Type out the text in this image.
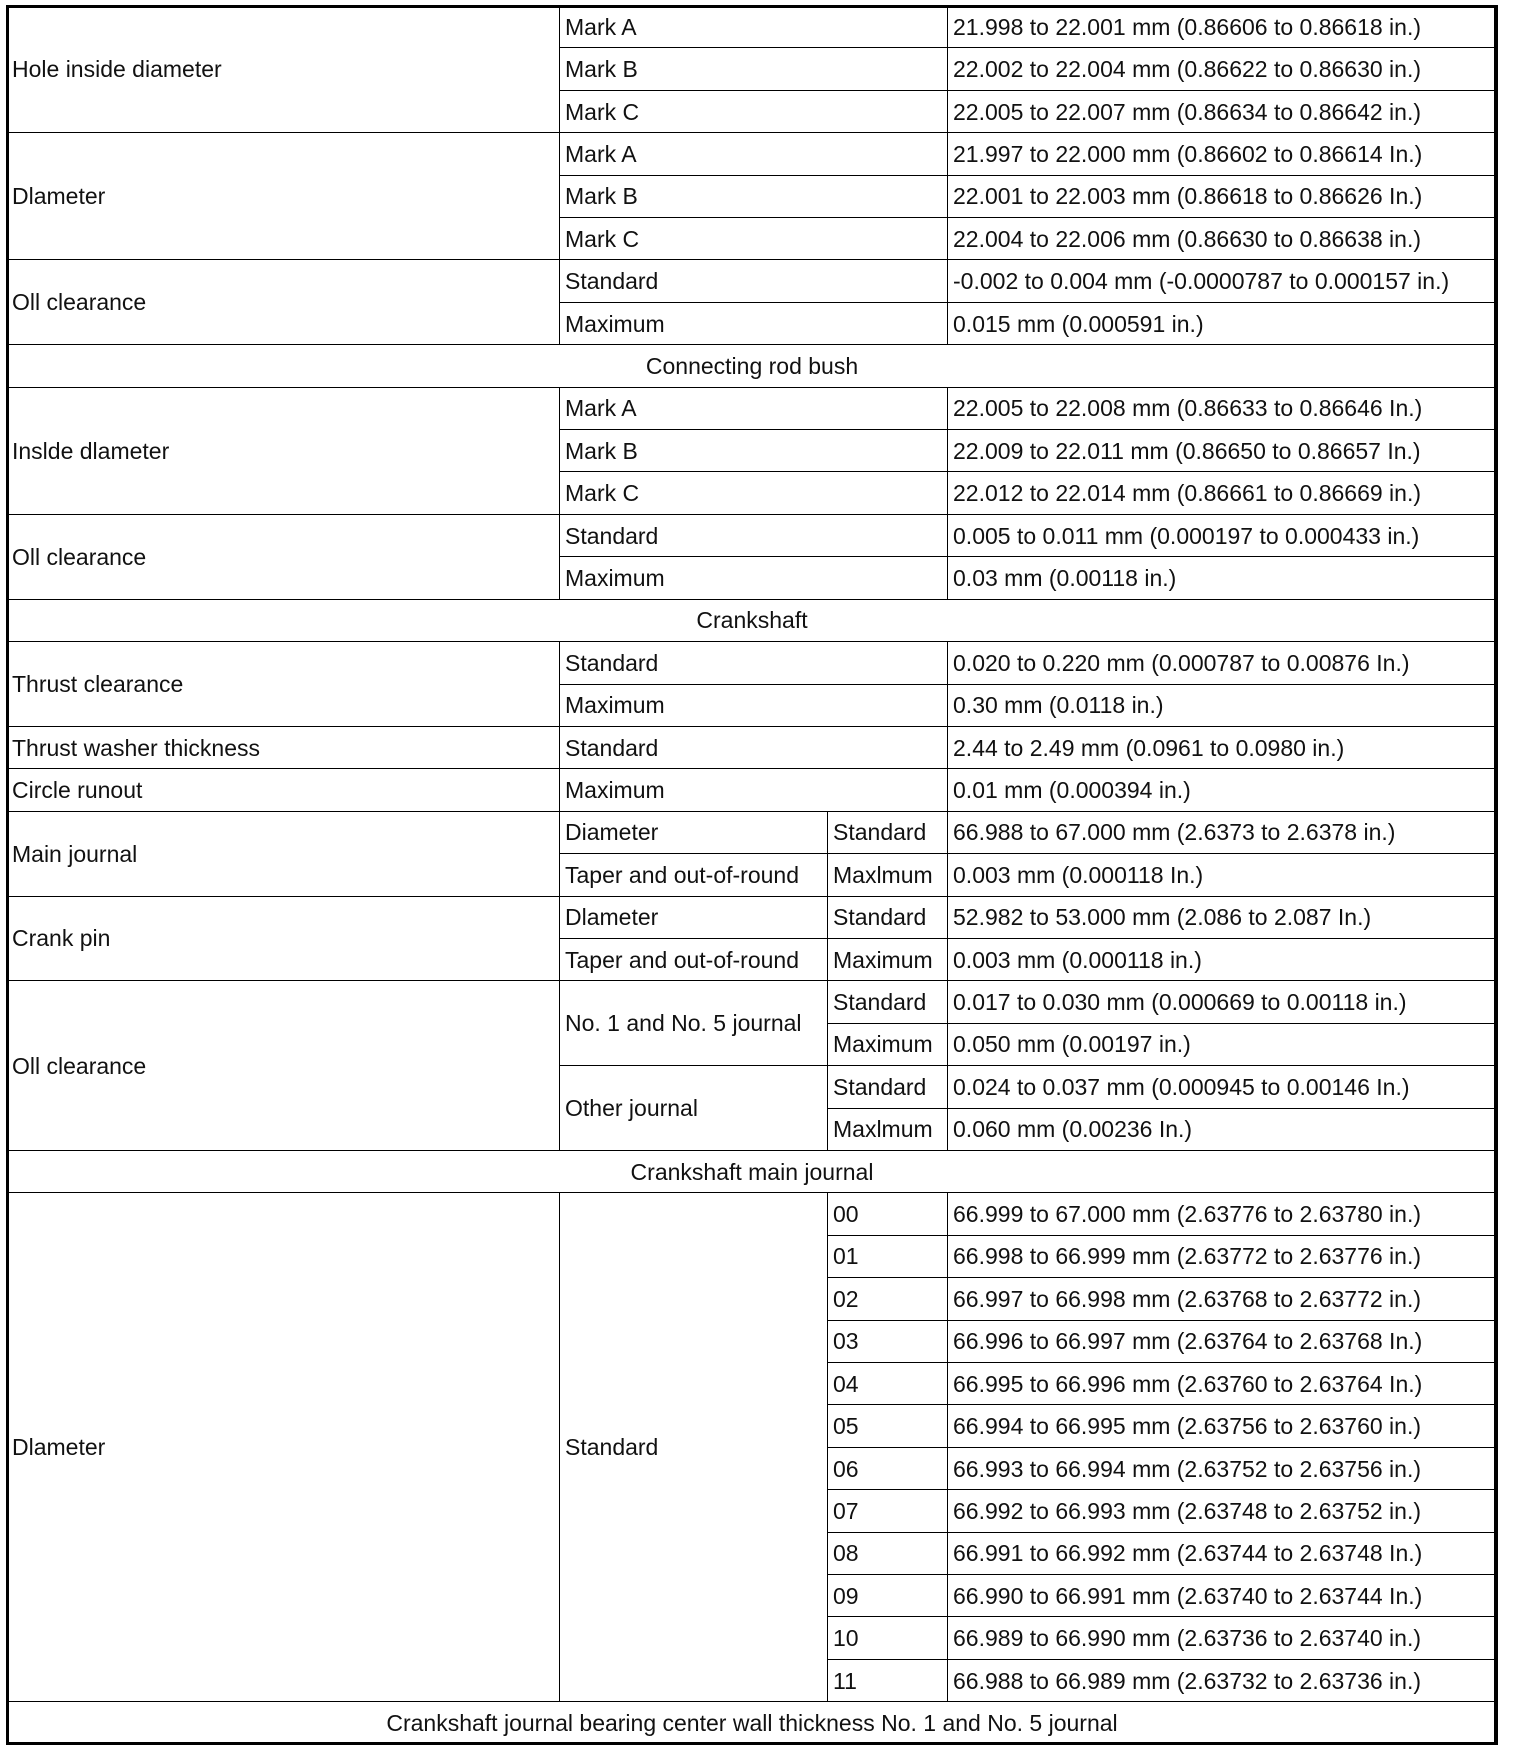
Hole inside diameter	Mark A		21.998 to 22.001 mm (0.86606 to 0.86618 in.)
	Mark B		22.002 to 22.004 mm (0.86622 to 0.86630 in.)
	Mark C		22.005 to 22.007 mm (0.86634 to 0.86642 in.)
Dlameter	Mark A		21.997 to 22.000 mm (0.86602 to 0.86614 In.)
	Mark B		22.001 to 22.003 mm (0.86618 to 0.86626 In.)
	Mark C		22.004 to 22.006 mm (0.86630 to 0.86638 in.)
Oll clearance	Standard		-0.002 to 0.004 mm (-0.0000787 to 0.000157 in.)
	Maximum		0.015 mm (0.000591 in.)
Connecting rod bush			
Inslde dlameter	Mark A		22.005 to 22.008 mm (0.86633 to 0.86646 In.)
	Mark B		22.009 to 22.011 mm (0.86650 to 0.86657 In.)
	Mark C		22.012 to 22.014 mm (0.86661 to 0.86669 in.)
Oll clearance	Standard		0.005 to 0.011 mm (0.000197 to 0.000433 in.)
	Maximum		0.03 mm (0.00118 in.)
Crankshaft			
Thrust clearance	Standard		0.020 to 0.220 mm (0.000787 to 0.00876 In.)
	Maximum		0.30 mm (0.0118 in.)
Thrust washer thickness	Standard		2.44 to 2.49 mm (0.0961 to 0.0980 in.)
Circle runout	Maximum		0.01 mm (0.000394 in.)
Main journal	Diameter	Standard	66.988 to 67.000 mm (2.6373 to 2.6378 in.)
	Taper and out-of-round	Maxlmum	0.003 mm (0.000118 In.)
Crank pin	Dlameter	Standard	52.982 to 53.000 mm (2.086 to 2.087 In.)
	Taper and out-of-round	Maximum	0.003 mm (0.000118 in.)
Oll clearance	No. 1 and No. 5 journal	Standard	0.017 to 0.030 mm (0.000669 to 0.00118 in.)
		Maximum	0.050 mm (0.00197 in.)
	Other journal	Standard	0.024 to 0.037 mm (0.000945 to 0.00146 In.)
		Maxlmum	0.060 mm (0.00236 In.)
Crankshaft main journal			
Dlameter	Standard	00	66.999 to 67.000 mm (2.63776 to 2.63780 in.)
		01	66.998 to 66.999 mm (2.63772 to 2.63776 in.)
		02	66.997 to 66.998 mm (2.63768 to 2.63772 in.)
		03	66.996 to 66.997 mm (2.63764 to 2.63768 In.)
		04	66.995 to 66.996 mm (2.63760 to 2.63764 In.)
		05	66.994 to 66.995 mm (2.63756 to 2.63760 in.)
		06	66.993 to 66.994 mm (2.63752 to 2.63756 in.)
		07	66.992 to 66.993 mm (2.63748 to 2.63752 in.)
		08	66.991 to 66.992 mm (2.63744 to 2.63748 In.)
		09	66.990 to 66.991 mm (2.63740 to 2.63744 In.)
		10	66.989 to 66.990 mm (2.63736 to 2.63740 in.)
		11	66.988 to 66.989 mm (2.63732 to 2.63736 in.)
Crankshaft journal bearing center wall thickness No. 1 and No. 5 journal			
